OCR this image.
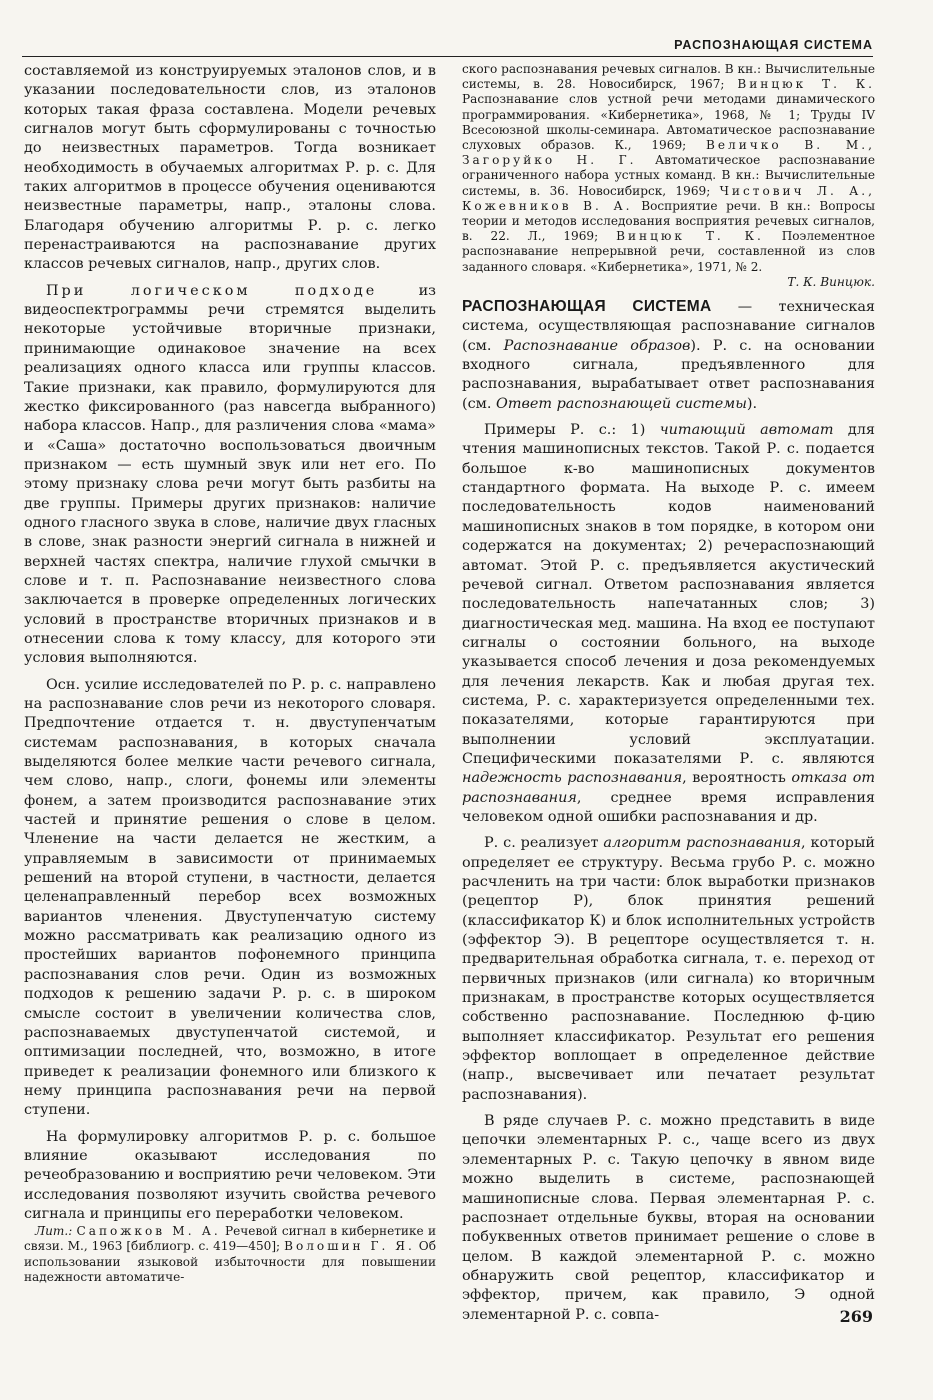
РАСПОЗНАЮЩАЯ СИСТЕМА

составляемой из конструируемых эталонов слов, и в указании последовательности слов, из эталонов которых такая фраза составлена. Модели речевых сигналов могут быть сформулированы с точностью до неизвестных параметров. Тогда возникает необходимость в обучаемых алгоритмах Р. р. с. Для таких алгоритмов в процессе обучения оцениваются неизвестные параметры, напр., эталоны слова. Благодаря обучению алгоритмы Р. р. с. легко перенастраиваются на распознавание других классов речевых сигналов, напр., других слов.

При логическом подходе из видеоспектрограммы речи стремятся выделить некоторые устойчивые вторичные признаки, принимающие одинаковое значение на всех реализациях одного класса или группы классов. Такие признаки, как правило, формулируются для жестко фиксированного (раз навсегда выбранного) набора классов. Напр., для различения слова «мама» и «Саша» достаточно воспользоваться двоичным признаком — есть шумный звук или нет его. По этому признаку слова речи могут быть разбиты на две группы. Примеры других признаков: наличие одного гласного звука в слове, наличие двух гласных в слове, знак разности энергий сигнала в нижней и верхней частях спектра, наличие глухой смычки в слове и т. п. Распознавание неизвестного слова заключается в проверке определенных логических условий в пространстве вторичных признаков и в отнесении слова к тому классу, для которого эти условия выполняются.

Осн. усилие исследователей по Р. р. с. направлено на распознавание слов речи из некоторого словаря. Предпочтение отдается т. н. двуступенчатым системам распознавания, в которых сначала выделяются более мелкие части речевого сигнала, чем слово, напр., слоги, фонемы или элементы фонем, а затем производится распознавание этих частей и принятие решения о слове в целом. Членение на части делается не жестким, а управляемым в зависимости от принимаемых решений на второй ступени, в частности, делается целенаправленный перебор всех возможных вариантов членения. Двуступенчатую систему можно рассматривать как реализацию одного из простейших вариантов пофонемного принципа распознавания слов речи. Один из возможных подходов к решению задачи Р. р. с. в широком смысле состоит в увеличении количества слов, распознаваемых двуступенчатой системой, и оптимизации последней, что, возможно, в итоге приведет к реализации фонемного или близкого к нему принципа распознавания речи на первой ступени.

На формулировку алгоритмов Р. р. с. большое влияние оказывают исследования по речеобразованию и восприятию речи человеком. Эти исследования позволяют изучить свойства речевого сигнала и принципы его переработки человеком.

Лит.: Сапожков М. А. Речевой сигнал в кибернетике и связи. М., 1963 [библиогр. с. 419—450]; Волошин Г. Я. Об использовании языковой избыточности для повышении надежности автоматиче-

ского распознавания речевых сигналов. В кн.: Вычислительные системы, в. 28. Новосибирск, 1967; Винцюк Т. К. Распознавание слов устной речи методами динамического программирования. «Кибернетика», 1968, № 1; Труды IV Всесоюзной школы-семинара. Автоматическое распознавание слуховых образов. К., 1969; Величко В. М., Загоруйко Н. Г. Автоматическое распознавание ограниченного набора устных команд. В кн.: Вычислительные системы, в. 36. Новосибирск, 1969; Чистович Л. А., Кожевников В. А. Восприятие речи. В кн.: Вопросы теории и методов исследования восприятия речевых сигналов, в. 22. Л., 1969; Винцюк Т. К. Поэлементное распознавание непрерывной речи, составленной из слов заданного словаря. «Кибернетика», 1971, № 2.

Т. К. Винцюк.

РАСПОЗНАЮЩАЯ СИСТЕМА — техническая система, осуществляющая распознавание сигналов (см. Распознавание образов). Р. с. на основании входного сигнала, предъявленного для распознавания, вырабатывает ответ распознавания (см. Ответ распознающей системы).

Примеры Р. с.: 1) читающий автомат для чтения машинописных текстов. Такой Р. с. подается большое к-во машинописных документов стандартного формата. На выходе Р. с. имеем последовательность кодов наименований машинописных знаков в том порядке, в котором они содержатся на документах; 2) речераспознающий автомат. Этой Р. с. предъявляется акустический речевой сигнал. Ответом распознавания является последовательность напечатанных слов; 3) диагностическая мед. машина. На вход ее поступают сигналы о состоянии больного, на выходе указывается способ лечения и доза рекомендуемых для лечения лекарств. Как и любая другая тех. система, Р. с. характеризуется определенными тех. показателями, которые гарантируются при выполнении условий эксплуатации. Специфическими показателями Р. с. являются надежность распознавания, вероятность отказа от распознавания, среднее время исправления человеком одной ошибки распознавания и др.

Р. с. реализует алгоритм распознавания, который определяет ее структуру. Весьма грубо Р. с. можно расчленить на три части: блок выработки признаков (рецептор Р), блок принятия решений (классификатор К) и блок исполнительных устройств (эффектор Э). В рецепторе осуществляется т. н. предварительная обработка сигнала, т. е. переход от первичных признаков (или сигнала) ко вторичным признакам, в пространстве которых осуществляется собственно распознавание. Последнюю ф-цию выполняет классификатор. Результат его решения эффектор воплощает в определенное действие (напр., высвечивает или печатает результат распознавания).

В ряде случаев Р. с. можно представить в виде цепочки элементарных Р. с., чаще всего из двух элементарных Р. с. Такую цепочку в явном виде можно выделить в системе, распознающей машинописные слова. Первая элементарная Р. с. распознает отдельные буквы, вторая на основании побуквенных ответов принимает решение о слове в целом. В каждой элементарной Р. с. можно обнаружить свой рецептор, классификатор и эффектор, причем, как правило, Э одной элементарной Р. с. совпа-	269
